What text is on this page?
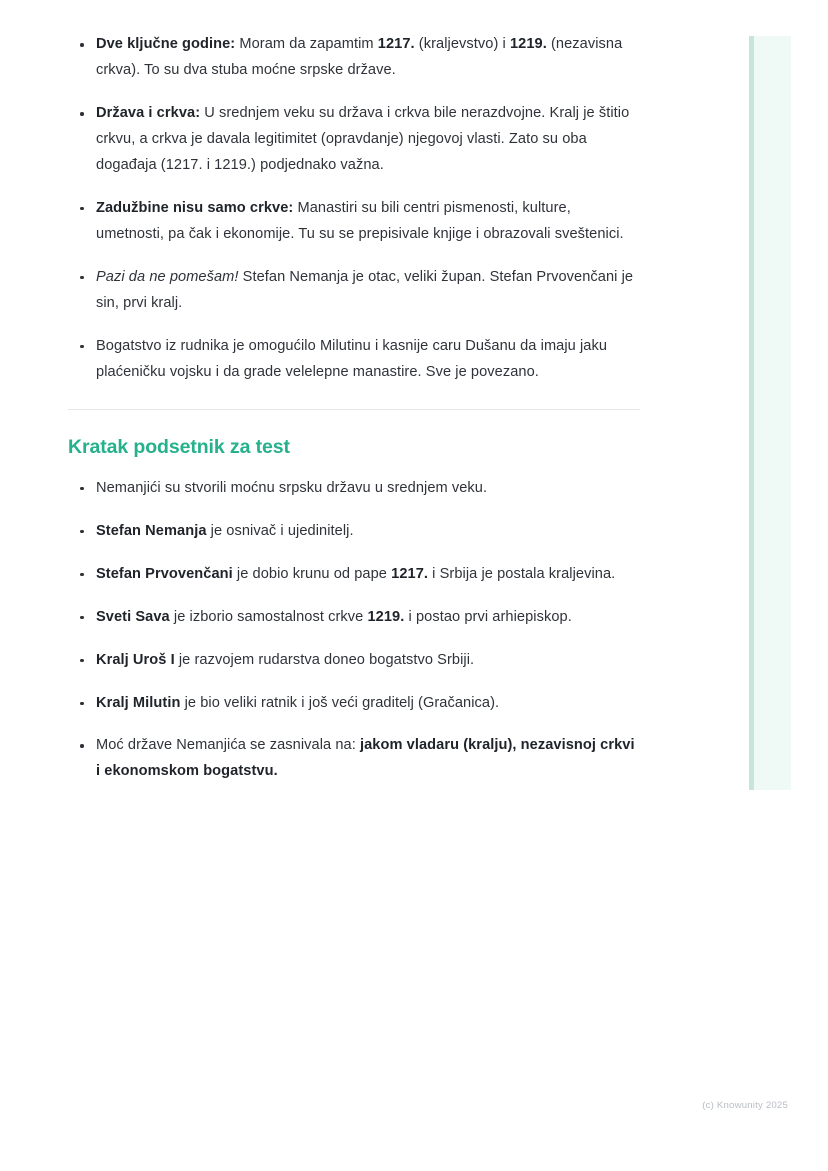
Dve ključne godine: Moram da zapamtim 1217. (kraljevstvo) i 1219. (nezavisna crkva). To su dva stuba moćne srpske države.
Država i crkva: U srednjem veku su država i crkva bile nerazdvojne. Kralj je štitio crkvu, a crkva je davala legitimitet (opravdanje) njegovoj vlasti. Zato su oba događaja (1217. i 1219.) podjednako važna.
Zadužbine nisu samo crkve: Manastiri su bili centri pismenosti, kulture, umetnosti, pa čak i ekonomije. Tu su se prepisivale knjige i obrazovali sveštenici.
Pazi da ne pomešam! Stefan Nemanja je otac, veliki župan. Stefan Prvovenčani je sin, prvi kralj.
Bogatstvo iz rudnika je omogućilo Milutinu i kasnije caru Dušanu da imaju jaku plaćeničku vojsku i da grade velelepne manastire. Sve je povezano.
Kratak podsetnik za test
Nemanjići su stvorili moćnu srpsku državu u srednjem veku.
Stefan Nemanja je osnivač i ujedinitelj.
Stefan Prvovenčani je dobio krunu od pape 1217. i Srbija je postala kraljevina.
Sveti Sava je izborio samostalnost crkve 1219. i postao prvi arhiepiskop.
Kralj Uroš I je razvojem rudarstva doneo bogatstvo Srbiji.
Kralj Milutin je bio veliki ratnik i još veći graditelj (Gračanica).
Moć države Nemanjića se zasnivala na: jakom vladaru (kralju), nezavisnoj crkvi i ekonomskom bogatstvu.
(c) Knowunity 2025
